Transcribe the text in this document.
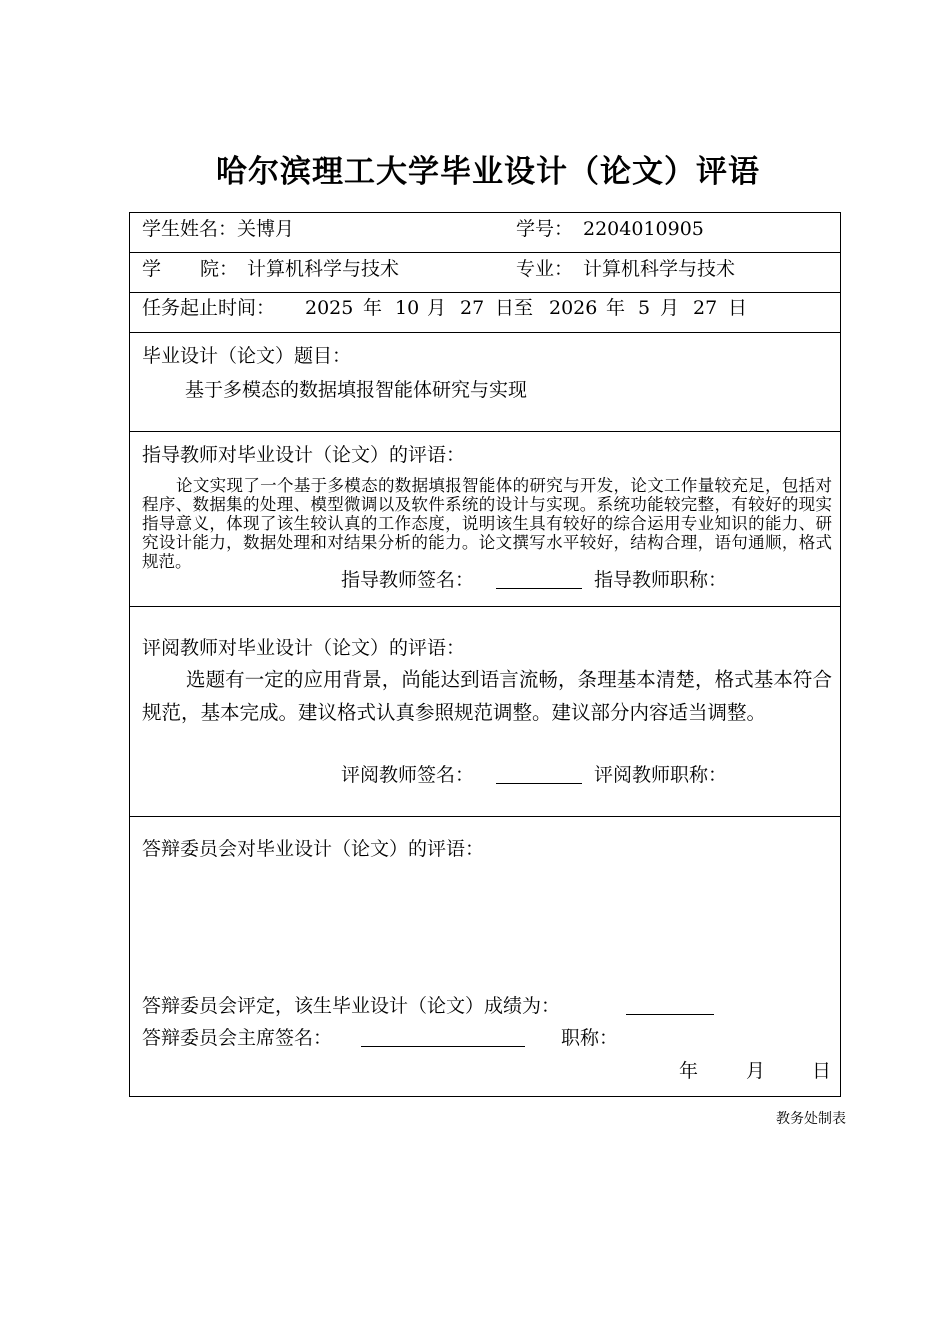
哈尔滨理工大学毕业设计（论文）评语
学生姓名： 关博月	学号： 2204010905
学 院： 计算机科学与技术	专业： 计算机科学与技术
任务起止时间： 2025 年 10 月 27 日至 2026 年 5 月 27 日
毕业设计（论文）题目：
基于多模态的数据填报智能体研究与实现
指导教师对毕业设计（论文）的评语：
论文实现了一个基于多模态的数据填报智能体的研究与开发，论文工作量较充足，包括对程序、数据集的处理、模型微调以及软件系统的设计与实现。系统功能较完整，有较好的现实指导意义，体现了该生较认真的工作态度，说明该生具有较好的综合运用专业知识的能力、研究设计能力，数据处理和对结果分析的能力。论文撰写水平较好，结构合理，语句通顺，格式规范。
指导教师签名：	指导教师职称：
评阅教师对毕业设计（论文）的评语：
选题有一定的应用背景，尚能达到语言流畅，条理基本清楚，格式基本符合规范，基本完成。建议格式认真参照规范调整。建议部分内容适当调整。
评阅教师签名：	评阅教师职称：
答辩委员会对毕业设计（论文）的评语：
答辩委员会评定，该生毕业设计（论文）成绩为：
答辩委员会主席签名：	职称：
年	月 日
教务处制表
